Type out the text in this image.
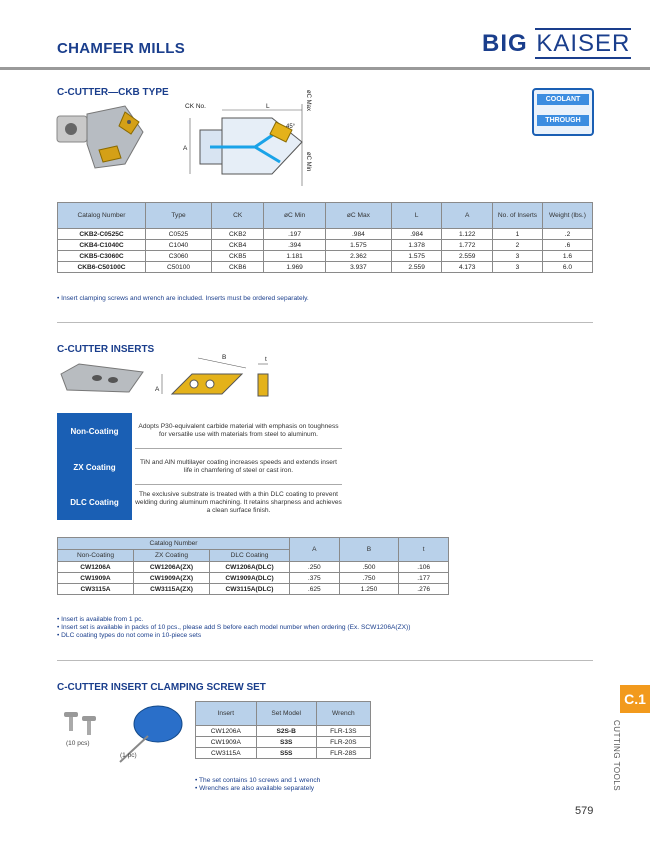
CHAMFER MILLS	BIG KAISER
C-CUTTER—CKB TYPE
CK No.	L
A
45°
øC Max
øC Min
COOLANT
THROUGH
Catalog Number	Type	CK	øC Min	øC Max	L	A	No. of Inserts	Weight (lbs.)
CKB2-C0525C	C0525	CKB2	.197	.984	.984	1.122	1	.2
CKB4-C1040C	C1040	CKB4	.394	1.575	1.378	1.772	2	.6
CKB5-C3060C	C3060	CKB5	1.181	2.362	1.575	2.559	3	1.6
CKB6-C50100C	C50100	CKB6	1.969	3.937	2.559	4.173	3	6.0
• Insert clamping screws and wrench are included. Inserts must be ordered separately.
C-CUTTER INSERTS
B
A
t
Non-Coating
Adopts P30-equivalent carbide material with emphasis on toughness for versatile use with materials from steel to aluminum.
ZX Coating
TiN and AlN multilayer coating increases speeds and extends insert life in chamfering of steel or cast iron.
DLC Coating
The exclusive substrate is treated with a thin DLC coating to prevent welding during aluminum machining. It retains sharpness and achieves a clean surface finish.
Catalog Number			A	B	t
Non-Coating	ZX Coating	DLC Coating			
CW1206A	CW1206A(ZX)	CW1206A(DLC)	.250	.500	.106
CW1909A	CW1909A(ZX)	CW1909A(DLC)	.375	.750	.177
CW3115A	CW3115A(ZX)	CW3115A(DLC)	.625	1.250	.276
• Insert is available from 1 pc.
• Insert set is available in packs of 10 pcs., please add S before each model number when ordering (Ex. SCW1206A(ZX))
• DLC coating types do not come in 10-piece sets
C-CUTTER INSERT CLAMPING SCREW SET
(10 pcs)
(1 pc)
Insert	Set Model	Wrench
CW1206A	S2S-B	FLR-13S
CW1909A	S3S	FLR-20S
CW3115A	S5S	FLR-28S
• The set contains 10 screws and 1 wrench
• Wrenches are also available separately
C.1
CUTTING TOOLS
579
